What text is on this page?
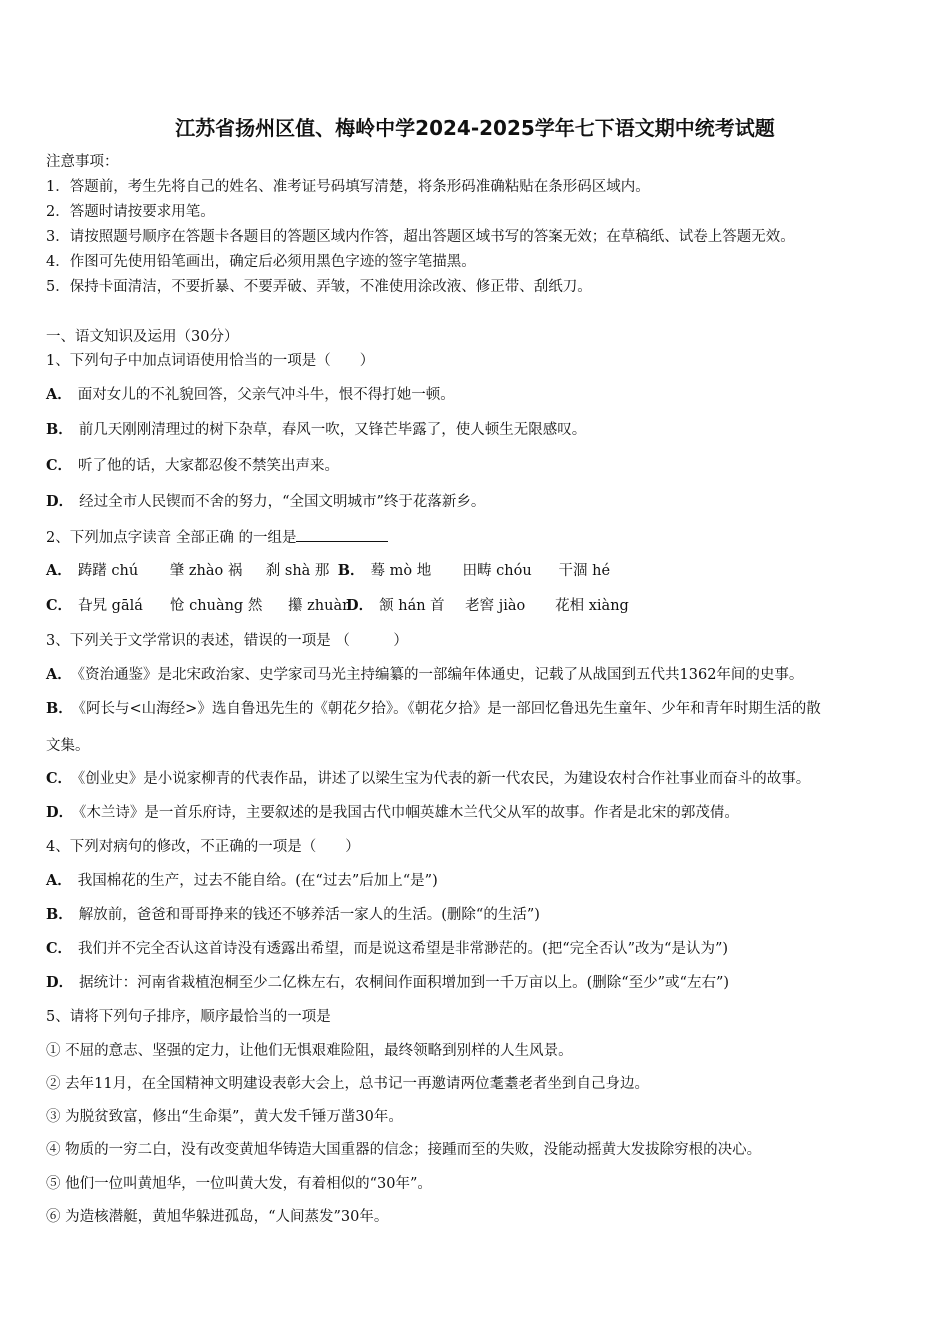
江苏省扬州区值、梅岭中学2024-2025学年七下语文期中统考试题
注意事项：
1．答题前，考生先将自己的姓名、准考证号码填写清楚，将条形码准确粘贴在条形码区域内。
2．答题时请按要求用笔。
3．请按照题号顺序在答题卡各题目的答题区域内作答，超出答题区域书写的答案无效；在草稿纸、试卷上答题无效。
4．作图可先使用铅笔画出，确定后必须用黑色字迹的签字笔描黑。
5．保持卡面清洁，不要折暴、不要弄破、弄皱，不准使用涂改液、修正带、刮纸刀。
一、语文知识及运用（30分）
1、下列句子中加点词语使用恰当的一项是（　　）
A． 面对女儿的不礼貌回答，父亲气冲斗牛，恨不得打她一顿。
B． 前几天刚刚清理过的树下杂草，春风一吹，又锋芒毕露了，使人顿生无限感叹。
C． 听了他的话，大家都忍俊不禁笑出声来。
D． 经过全市人民锲而不舍的努力，“全国文明城市”终于花落新乡。
2、下列加点字读音 全部正确 的一组是
A． 踌躇 chú 肇 zhào 祸 刹 shà 那 B． 蓦 mò 地 田畴 chóu 干涸 hé
C． 旮旯 gālá 怆 chuàng 然 攥 zhuànD． 颔 hán 首 老窖 jiào 花相 xiàng
3、下列关于文学常识的表述，错误的一项是 （　　　）
A． 《资治通鉴》是北宋政治家、史学家司马光主持编纂的一部编年体通史，记载了从战国到五代共1362年间的史事。
B． 《阿长与<山海经>》选自鲁迅先生的《朝花夕拾》。《朝花夕拾》是一部回忆鲁迅先生童年、少年和青年时期生活的散
文集。
C． 《创业史》是小说家柳青的代表作品，讲述了以梁生宝为代表的新一代农民，为建设农村合作社事业而奋斗的故事。
D． 《木兰诗》是一首乐府诗，主要叙述的是我国古代巾帼英雄木兰代父从军的故事。作者是北宋的郭茂倩。
4、下列对病句的修改，不正确的一项是（　　）
A． 我国棉花的生产，过去不能自给。(在“过去”后加上“是”)
B． 解放前，爸爸和哥哥挣来的钱还不够养活一家人的生活。(删除“的生活”)
C． 我们并不完全否认这首诗没有透露出希望，而是说这希望是非常渺茫的。(把“完全否认”改为“是认为”)
D． 据统计：河南省栽植泡桐至少二亿株左右，农桐间作面积增加到一千万亩以上。(删除“至少”或“左右”)
5、请将下列句子排序，顺序最恰当的一项是
① 不屈的意志、坚强的定力，让他们无惧艰难险阻，最终领略到别样的人生风景。
② 去年11月，在全国精神文明建设表彰大会上，总书记一再邀请两位耄耋老者坐到自己身边。
③ 为脱贫致富，修出“生命渠”，黄大发千锤万凿30年。
④ 物质的一穷二白，没有改变黄旭华铸造大国重器的信念；接踵而至的失败，没能动摇黄大发拔除穷根的决心。
⑤ 他们一位叫黄旭华，一位叫黄大发，有着相似的“30年”。
⑥ 为造核潜艇，黄旭华躲进孤岛，“人间蒸发”30年。
